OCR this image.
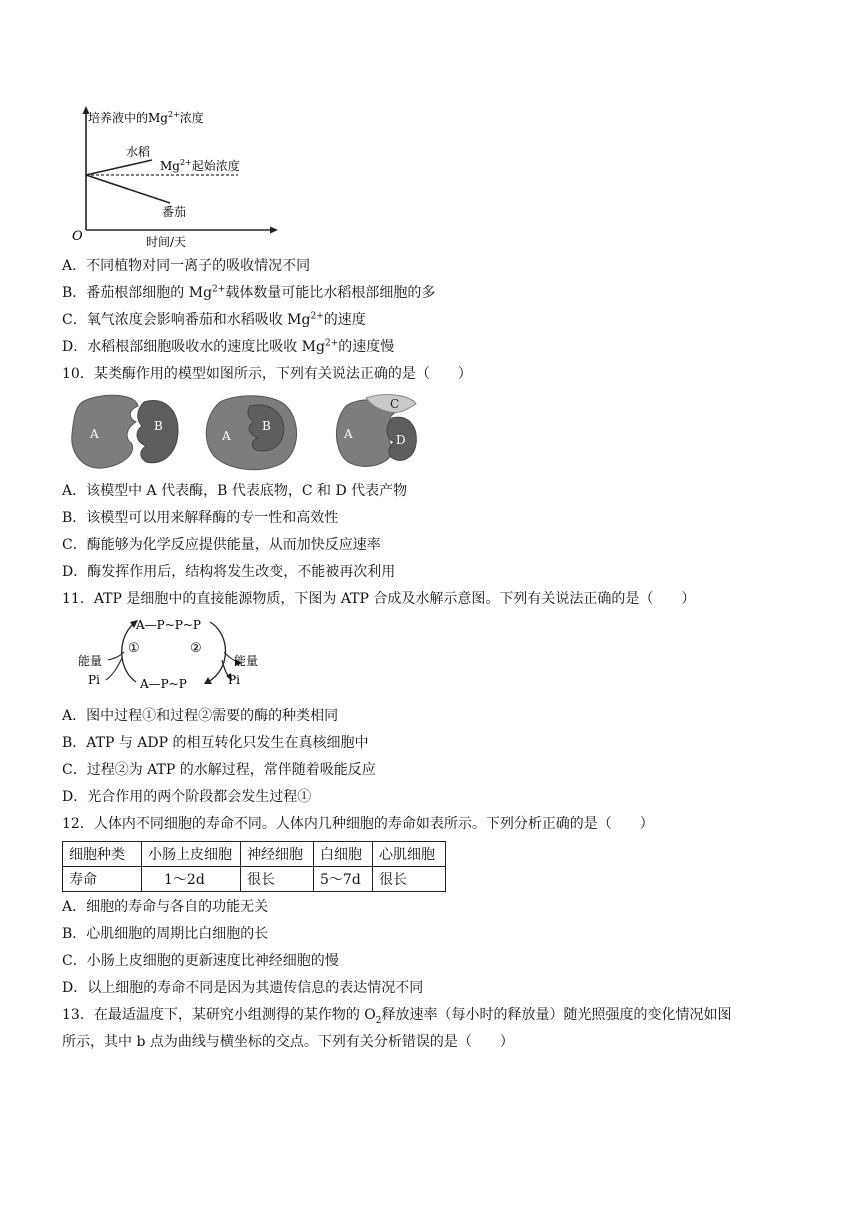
培养液中的$Mg^{2+}$浓度
水稻
$Mg^{2+}$起始浓度
番茄
O	时间/天
A．不同植物对同一离子的吸收情况不同
B．番茄根部细胞的 $Mg^{2+}$载体数量可能比水稻根部细胞的多
C．氧气浓度会影响番茄和水稻吸收 $Mg^{2+}$的速度
D．水稻根部细胞吸收水的速度比吸收 $Mg^{2+}$的速度慢
10．某类酶作用的模型如图所示，下列有关说法正确的是（　　）
A
B
A
B
A
C
D
A．该模型中 A 代表酶，B 代表底物，C 和 D 代表产物
B．该模型可以用来解释酶的专一性和高效性
C．酶能够为化学反应提供能量，从而加快反应速率
D．酶发挥作用后，结构将发生改变，不能被再次利用
11．ATP 是细胞中的直接能源物质，下图为 ATP 合成及水解示意图。下列有关说法正确的是（　　）
A—P~P~P
A—P~P
能量
Pi
①	②
能量
Pi
A．图中过程①和过程②需要的酶的种类相同
B．ATP 与 ADP 的相互转化只发生在真核细胞中
C．过程②为 ATP 的水解过程，常伴随着吸能反应
D．光合作用的两个阶段都会发生过程①
12．人体内不同细胞的寿命不同。人体内几种细胞的寿命如表所示。下列分析正确的是（　　）
细胞种类	小肠上皮细胞	神经细胞	白细胞	心肌细胞
寿命	1～2d	很长	5～7d	很长
A．细胞的寿命与各自的功能无关
B．心肌细胞的周期比白细胞的长
C．小肠上皮细胞的更新速度比神经细胞的慢
D．以上细胞的寿命不同是因为其遗传信息的表达情况不同
13．在最适温度下，某研究小组测得的某作物的 $O_2$释放速率（每小时的释放量）随光照强度的变化情况如图
所示，其中 b 点为曲线与横坐标的交点。下列有关分析错误的是（　　）
